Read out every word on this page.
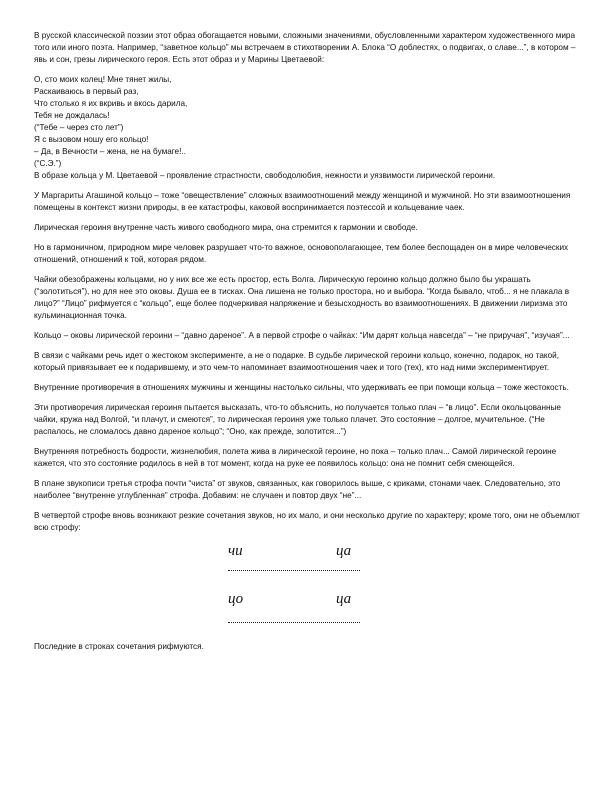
В русской классической поэзии этот образ обогащается новыми, сложными значениями, обусловленными характером художественного мира того или иного поэта. Например, “заветное кольцо” мы встречаем в стихотворении А. Блока “О доблестях, о подвигах, о славе...”, в котором – явь и сон, грезы лирического героя. Есть этот образ и у Марины Цветаевой:

О, сто моих колец! Мне тянет жилы,
Раскаиваюсь в первый раз,
Что столько я их вкривь и вкось дарила,
Тебя не дождалась!
(“Тебе – через сто лет”)
Я с вызовом ношу его кольцо!
– Да, в Вечности – жена, не на бумаге!..
(“С.Э.”)

В образе кольца у М. Цветаевой – проявление страстности, свободолюбия, нежности и уязвимости лирической героини.

У Маргариты Агашиной кольцо – тоже “овеществление” сложных взаимоотношений между женщиной и мужчиной. Но эти взаимоотношения помещены в контекст жизни природы, в ее катастрофы, каковой воспринимается поэтессой и кольцевание чаек.

Лирическая героиня внутренне часть живого свободного мира, она стремится к гармонии и свободе.

Но в гармоничном, природном мире человек разрушает что-то важное, основополагающее, тем более беспощаден он в мире человеческих отношений, отношений к той, которая рядом.

Чайки обезображены кольцами, но у них все же есть простор, есть Волга. Лирическую героиню кольцо должно было бы украшать (“золотиться”), но для нее это оковы. Душа ее в тисках. Она лишена не только простора, но и выбора. “Когда бывало, чтоб... я не плакала в лицо?” “Лицо” рифмуется с “кольцо”, еще более подчеркивая напряжение и безысходность во взаимоотношениях. В движении лиризма это кульминационная точка.

Кольцо – оковы лирической героини – “давно дареное”. А в первой строфе о чайках: “Им дарят кольца навсегда” – “не приручая”, “изучая”...

В связи с чайками речь идет о жестоком эксперименте, а не о подарке. В судьбе лирической героини кольцо, конечно, подарок, но такой, который привязывает ее к подарившему, и это чем-то напоминает взаимоотношения чаек и того (тех), кто над ними экспериментирует.

Внутренние противоречия в отношениях мужчины и женщины настолько сильны, что удерживать ее при помощи кольца – тоже жестокость.

Эти противоречия лирическая героиня пытается высказать, что-то объяснить, но получается только плач – “в лицо”. Если окольцованные чайки, кружа над Волгой, “и плачут, и смеются”, то лирическая героиня уже только плачет. Это состояние – долгое, мучительное. (“Не распалось, не сломалось давно дареное кольцо”; “Оно, как прежде, золотится...”)

Внутренняя потребность бодрости, жизнелюбия, полета жива в лирической героине, но пока – только плач... Самой лирической героине кажется, что это состояние родилось в ней в тот момент, когда на руке ее появилось кольцо: она не помнит себя смеющейся.

В плане звукописи третья строфа почти “чиста” от звуков, связанных, как говорилось выше, с криками, стонами чаек. Следовательно, это наиболее “внутренне углубленная” строфа. Добавим: не случаен и повтор двух “не”...

В четвертой строфе вновь возникают резкие сочетания звуков, но их мало, и они несколько другие по характеру; кроме того, они не объемлют всю строфу:

чи	ца
цо	ца

Последние в строках сочетания рифмуются.
